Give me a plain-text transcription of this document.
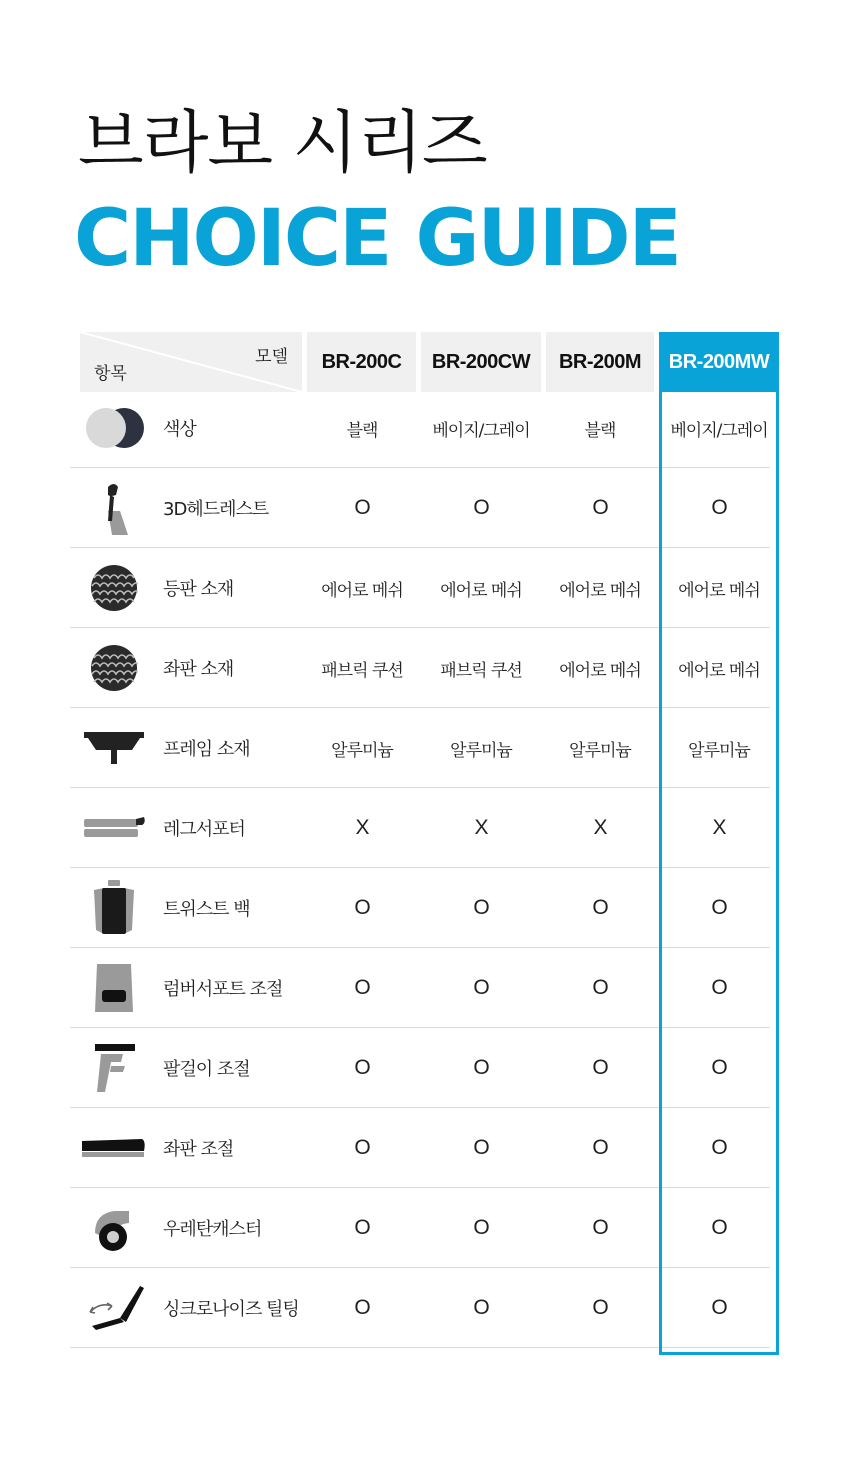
브라보 시리즈
CHOICE GUIDE
모델
항목
BR-200C	BR-200CW	BR-200M	BR-200MW
색상	블랙	베이지/그레이	블랙	베이지/그레이
3D헤드레스트	O	O	O	O
등판 소재	에어로 메쉬	에어로 메쉬	에어로 메쉬	에어로 메쉬
좌판 소재	패브릭 쿠션	패브릭 쿠션	에어로 메쉬	에어로 메쉬
프레임 소재	알루미늄	알루미늄	알루미늄	알루미늄
레그서포터	X	X	X	X
트위스트 백	O	O	O	O
럼버서포트 조절	O	O	O	O
팔걸이 조절	O	O	O	O
좌판 조절	O	O	O	O
우레탄캐스터	O	O	O	O
싱크로나이즈 틸팅	O	O	O	O
